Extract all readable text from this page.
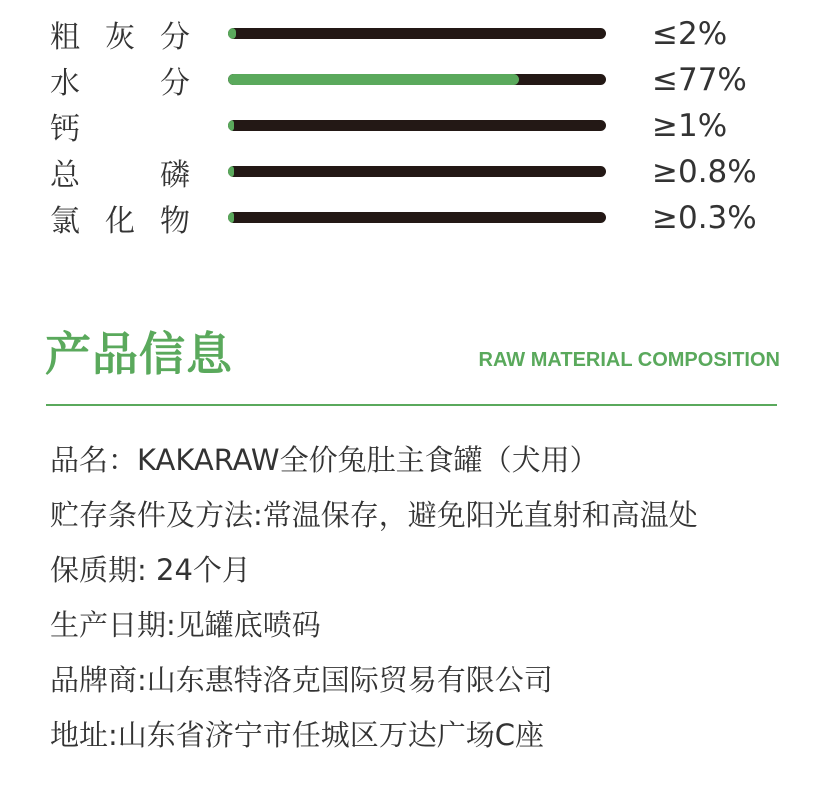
粗 灰 分	≤2%
水	分	≤77%
钙	≥1%
总	磷	≥0.8%
氯 化 物	≥0.3%
产品信息	RAW MATERIAL COMPOSITION
品名：KAKARAW全价兔肚主食罐（犬用）
贮存条件及方法:常温保存，避免阳光直射和高温处
保质期: 24个月
生产日期:见罐底喷码
品牌商:山东惠特洛克国际贸易有限公司
地址:山东省济宁市任城区万达广场C座
